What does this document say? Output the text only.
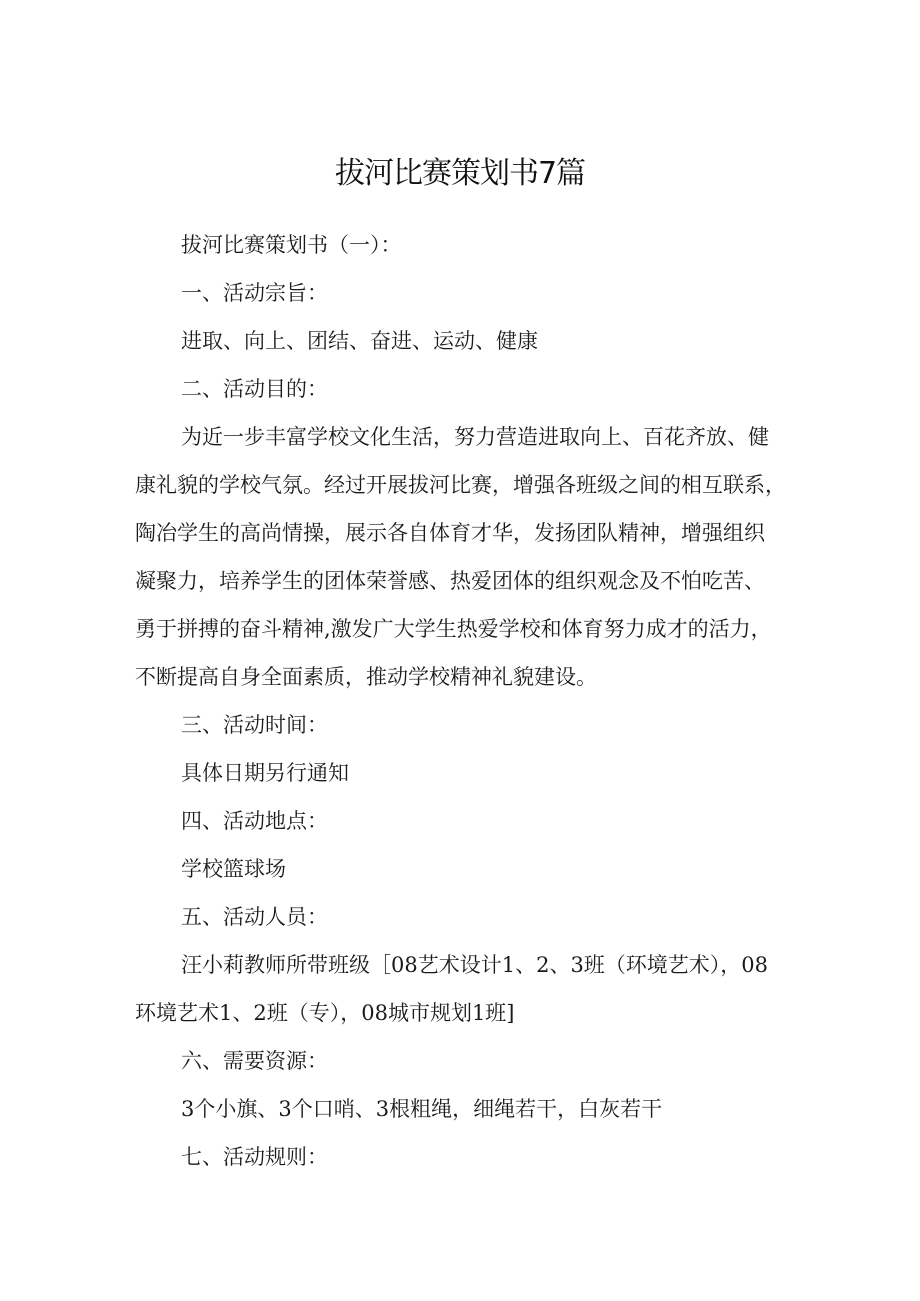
拔河比赛策划书7篇
拔河比赛策划书（一）：
一、活动宗旨：
进取、向上、团结、奋进、运动、健康
二、活动目的：
为近一步丰富学校文化生活，努力营造进取向上、百花齐放、健
康礼貌的学校气氛。经过开展拔河比赛，增强各班级之间的相互联系，
陶冶学生的高尚情操，展示各自体育才华，发扬团队精神，增强组织
凝聚力，培养学生的团体荣誉感、热爱团体的组织观念及不怕吃苦、
勇于拼搏的奋斗精神,激发广大学生热爱学校和体育努力成才的活力，
不断提高自身全面素质，推动学校精神礼貌建设。
三、活动时间：
具体日期另行通知
四、活动地点：
学校篮球场
五、活动人员：
汪小莉教师所带班级［08艺术设计1、2、3班（环境艺术），08
环境艺术1、2班（专），08城市规划1班]
六、需要资源：
3个小旗、3个口哨、3根粗绳，细绳若干，白灰若干
七、活动规则：
